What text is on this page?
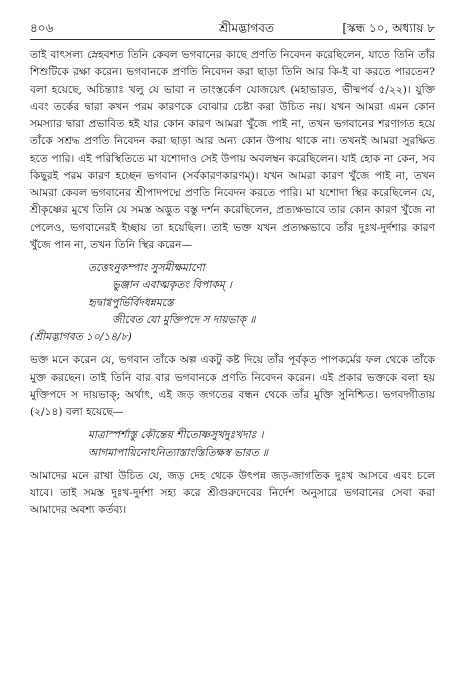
৪০৬	শ্রীমদ্ভাগবত	[স্কন্ধ ১০, অধ্যায় ৮

তাই বাৎসল্য স্নেহবশত তিনি কেবল ভগবানের কাছে প্রণতি নিবেদন করেছিলেন, যাতে তিনি তাঁর শিশুটিকে রক্ষা করেন। ভগবানকে প্রণতি নিবেদন করা ছাড়া তিনি আর কি-ই বা করতে পারতেন? বলা হয়েছে, অচিন্ত্যাঃ খলু যে ভাবা ন তাংস্তর্কেণ যোজয়েৎ (মহাভারত, ভীষ্মপর্ব ৫/২২)। যুক্তি এবং তর্কের দ্বারা কখন পরম কারণকে বোঝার চেষ্টা করা উচিত নয়। যখন আমরা এমন কোন সমস্যার দ্বারা প্রভাবিত হই যার কোন কারণ আমরা খুঁজে পাই না, তখন ভগবানের শরণাগত হয়ে তাঁকে সশ্রদ্ধ প্রণতি নিবেদন করা ছাড়া আর অন্য কোন উপায় থাকে না। তখনই আমরা সুরক্ষিত হতে পারি। এই পরিস্থিতিতে মা যশোদাও সেই উপায় অবলম্বন করেছিলেন। যাই হোক না কেন, সব কিছুরই পরম কারণ হচ্ছেন ভগবান (সর্বকারণকারণম্)। যখন আমরা কারণ খুঁজে পাই না, তখন আমরা কেবল ভগবানের শ্রীপাদপদ্মে প্রণতি নিবেদন করতে পারি। মা যশোদা স্থির করেছিলেন যে, শ্রীকৃষ্ণের মুখে তিনি যে সমস্ত অদ্ভুত বস্তু দর্শন করেছিলেন, প্রত্যক্ষভাবে তার কোন কারণ খুঁজে না পেলেও, ভগবানেরই ইচ্ছায় তা হয়েছিল। তাই ভক্ত যখন প্রত্যক্ষভাবে তাঁর দুঃখ-দুর্দশার কারণ খুঁজে পান না, তখন তিনি স্থির করেন—

তত্তেঽনুকম্পাং সুসমীক্ষমাণো
ভুঞ্জান এবাত্মকৃতং বিপাকম্ ।
হৃদ্বাগ্বপুর্ভির্বিদধন্নমস্তে
জীবেত যো মুক্তিপদে স দায়ভাক্ ॥

(শ্রীমদ্ভাগবত ১০/১৪/৮)

ভক্ত মনে করেন যে, ভগবান তাঁকে অল্প একটু কষ্ট দিয়ে তাঁর পূর্বকৃত পাপকর্মের ফল থেকে তাঁকে মুক্ত করছেন। তাই তিনি বার বার ভগবানকে প্রণতি নিবেদন করেন। এই প্রকার ভক্তকে বলা হয় মুক্তিপদে স দায়ভাক্; অর্থাৎ, এই জড় জগতের বন্ধন থেকে তাঁর মুক্তি সুনিশ্চিত। ভগবদ্গীতায় (২/১৪) বলা হয়েছে—

মাত্রাস্পর্শাস্তু কৌন্তেয় শীতোষ্ণসুখদুঃখদাঃ ।
আগমাপায়িনোঽনিত্যাস্তাংস্তিতিক্ষস্ব ভারত ॥

আমাদের মনে রাখা উচিত যে, জড় দেহ থেকে উৎপন্ন জড়-জাগতিক দুঃখ আসবে এবং চলে যাবে। তাই সমস্ত দুঃখ-দুর্দশা সহ্য করে শ্রীগুরুদেবের নির্দেশ অনুসারে ভগবানের সেবা করা আমাদের অবশ্য কর্তব্য।
